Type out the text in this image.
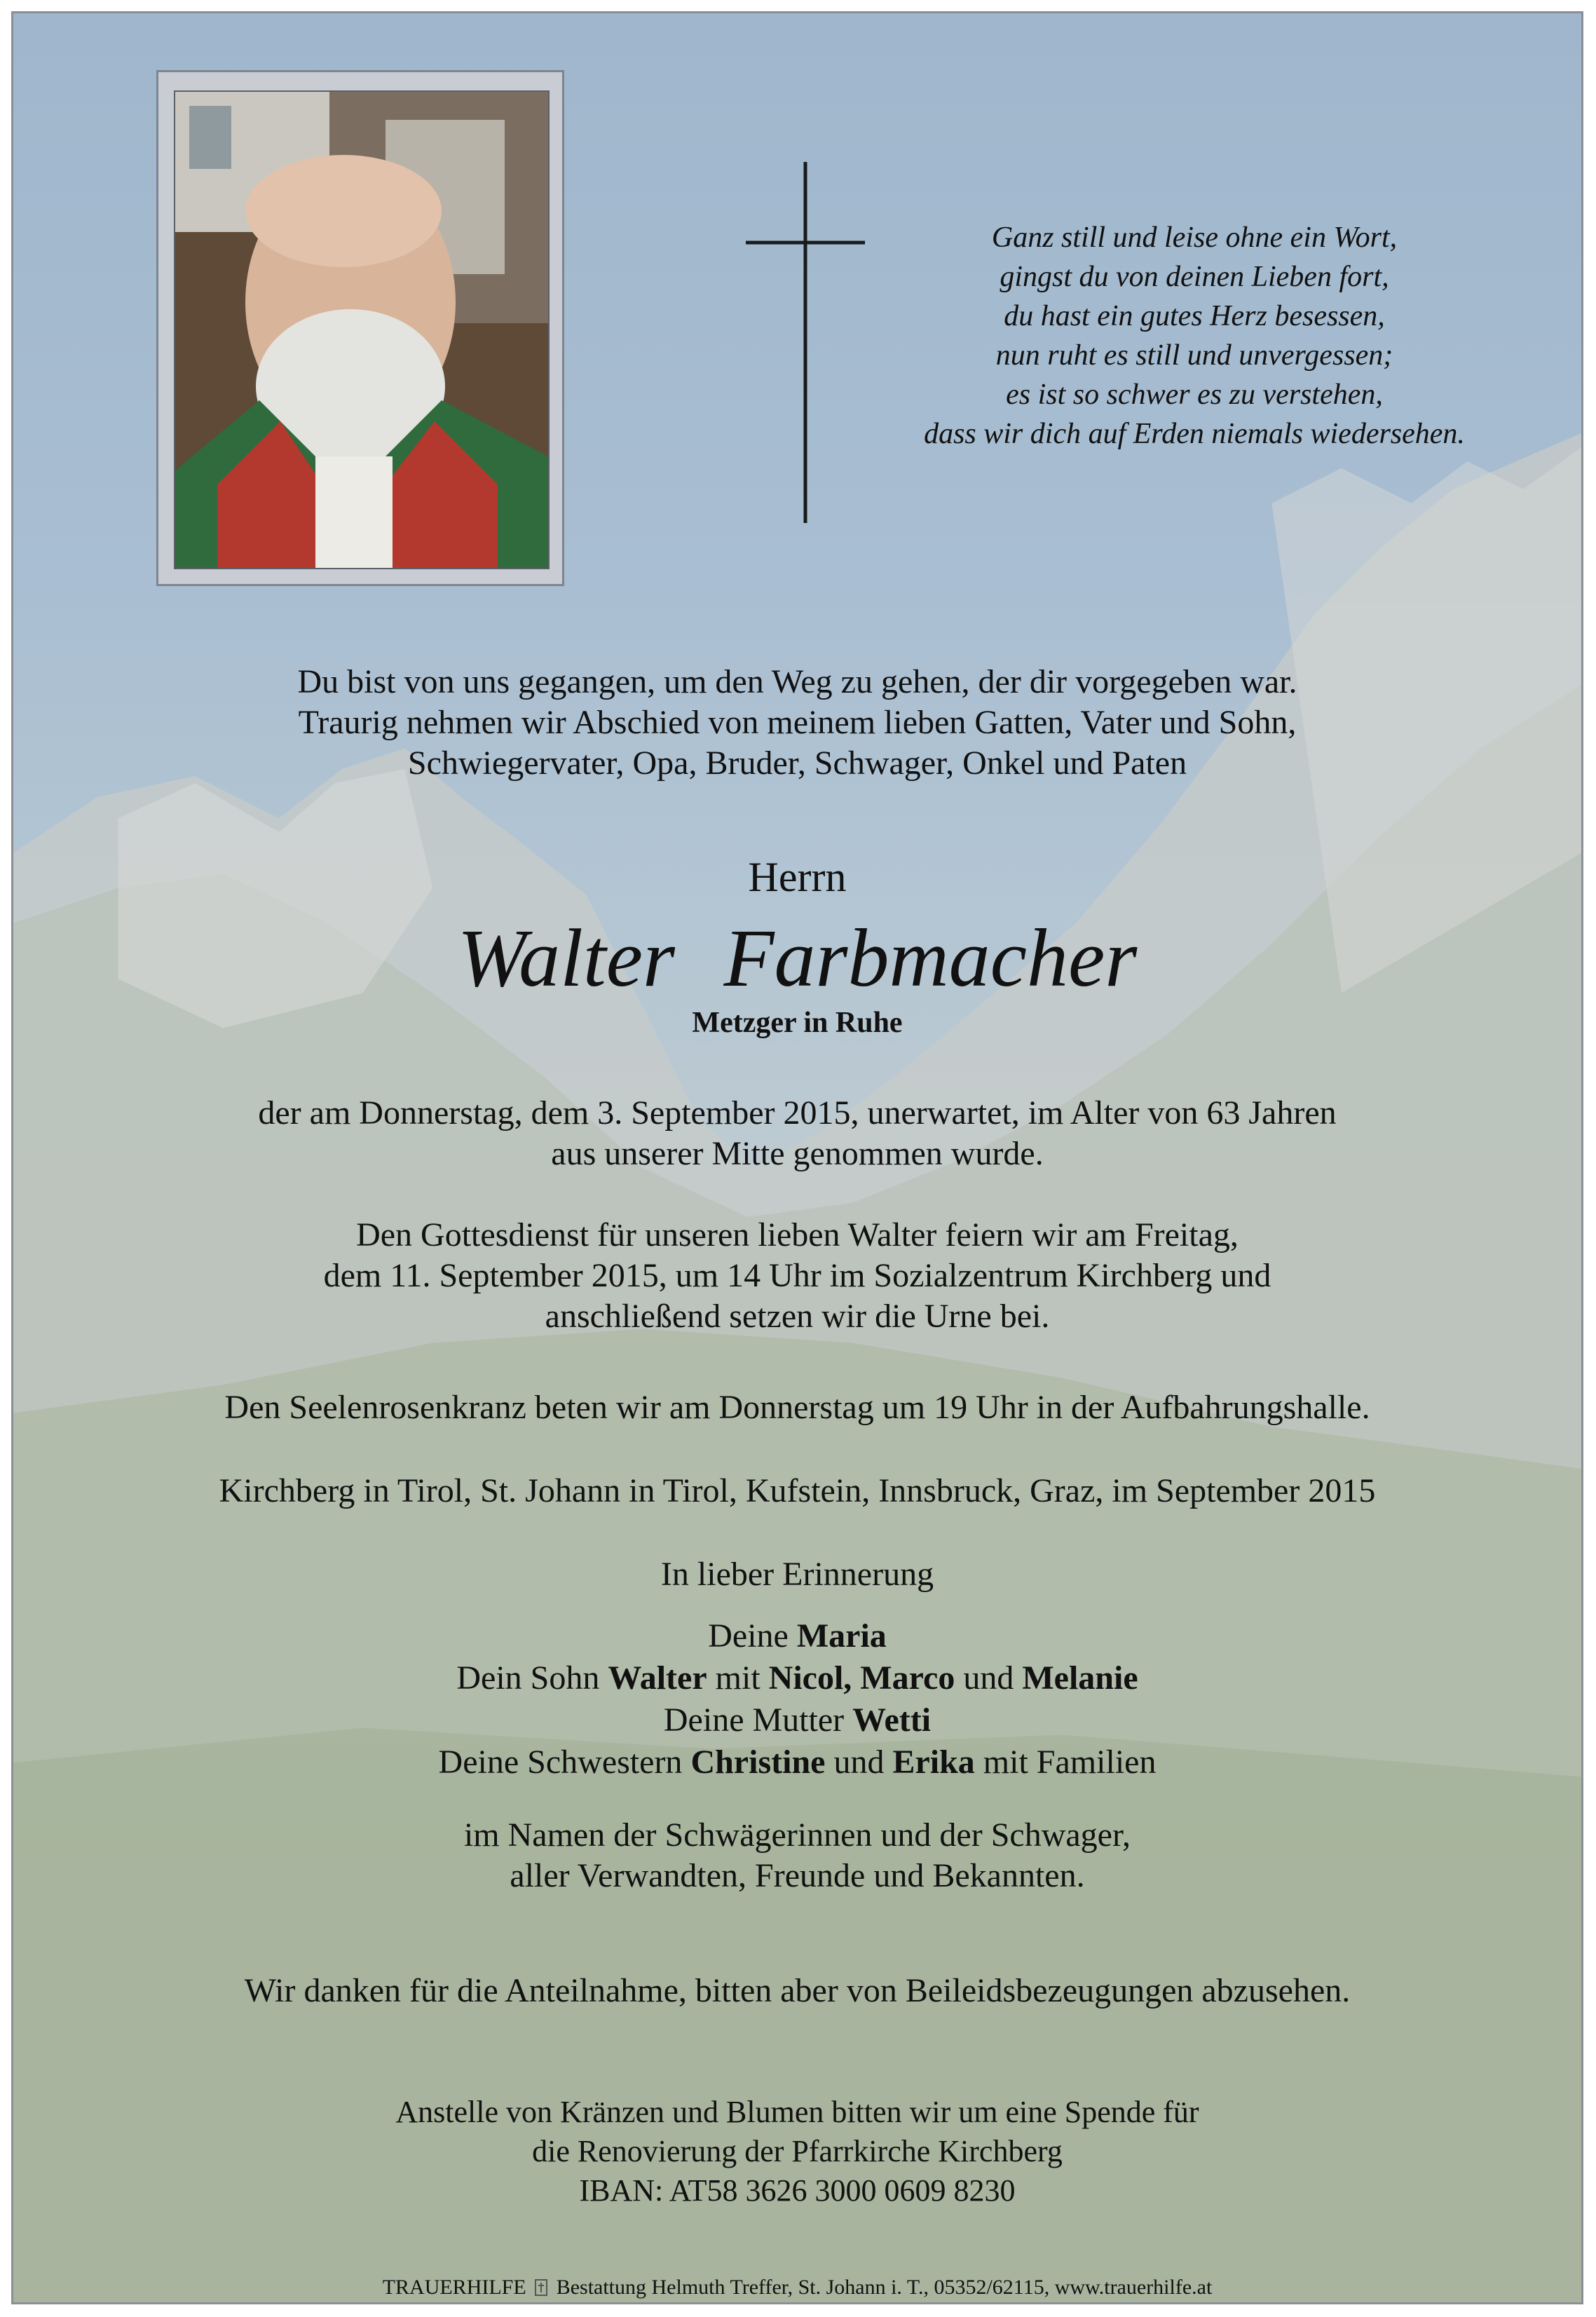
Ganz still und leise ohne ein Wort,
gingst du von deinen Lieben fort,
du hast ein gutes Herz besessen,
nun ruht es still und unvergessen;
es ist so schwer es zu verstehen,
dass wir dich auf Erden niemals wiedersehen.
Du bist von uns gegangen, um den Weg zu gehen, der dir vorgegeben war.
Traurig nehmen wir Abschied von meinem lieben Gatten, Vater und Sohn,
Schwiegervater, Opa, Bruder, Schwager, Onkel und Paten
Herrn
Walter Farbmacher
Metzger in Ruhe
der am Donnerstag, dem 3. September 2015, unerwartet, im Alter von 63 Jahren
aus unserer Mitte genommen wurde.
Den Gottesdienst für unseren lieben Walter feiern wir am Freitag,
dem 11. September 2015, um 14 Uhr im Sozialzentrum Kirchberg und
anschließend setzen wir die Urne bei.
Den Seelenrosenkranz beten wir am Donnerstag um 19 Uhr in der Aufbahrungshalle.
Kirchberg in Tirol, St. Johann in Tirol, Kufstein, Innsbruck, Graz, im September 2015
In lieber Erinnerung
Deine Maria
Dein Sohn Walter mit Nicol, Marco und Melanie
Deine Mutter Wetti
Deine Schwestern Christine und Erika mit Familien
im Namen der Schwägerinnen und der Schwager,
aller Verwandten, Freunde und Bekannten.
Wir danken für die Anteilnahme, bitten aber von Beileidsbezeugungen abzusehen.
Anstelle von Kränzen und Blumen bitten wir um eine Spende für
die Renovierung der Pfarrkirche Kirchberg
IBAN: AT58 3626 3000 0609 8230
TRAUERHILFE Bestattung Helmuth Treffer, St. Johann i. T., 05352/62115, www.trauerhilfe.at
